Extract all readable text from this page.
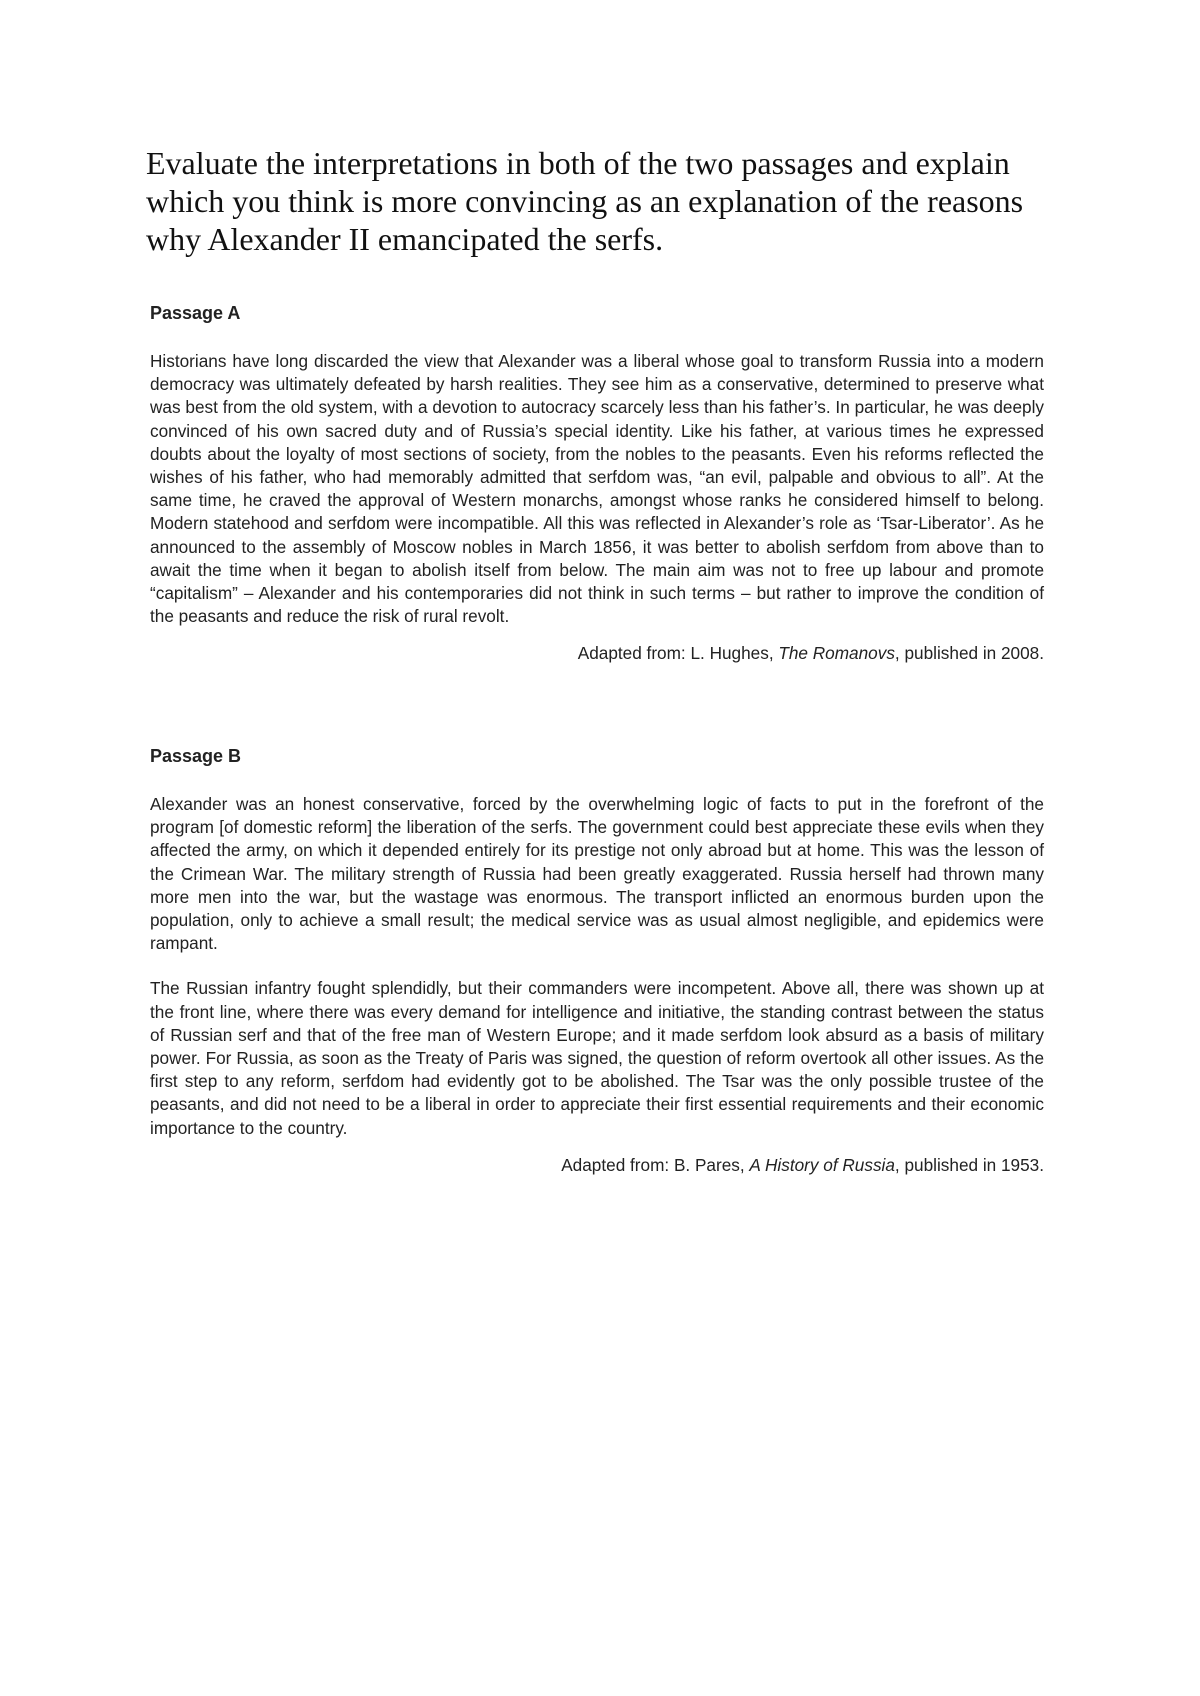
Evaluate the interpretations in both of the two passages and explain which you think is more convincing as an explanation of the reasons why Alexander II emancipated the serfs.

Passage A

Historians have long discarded the view that Alexander was a liberal whose goal to transform Russia into a modern democracy was ultimately defeated by harsh realities. They see him as a conservative, determined to preserve what was best from the old system, with a devotion to autocracy scarcely less than his father’s. In particular, he was deeply convinced of his own sacred duty and of Russia’s special identity. Like his father, at various times he expressed doubts about the loyalty of most sections of society, from the nobles to the peasants. Even his reforms reflected the wishes of his father, who had memorably admitted that serfdom was, “an evil, palpable and obvious to all”. At the same time, he craved the approval of Western monarchs, amongst whose ranks he considered himself to belong. Modern statehood and serfdom were incompatible. All this was reflected in Alexander’s role as ‘Tsar-Liberator’. As he announced to the assembly of Moscow nobles in March 1856, it was better to abolish serfdom from above than to await the time when it began to abolish itself from below. The main aim was not to free up labour and promote “capitalism” – Alexander and his contemporaries did not think in such terms – but rather to improve the condition of the peasants and reduce the risk of rural revolt.

Adapted from: L. Hughes, The Romanovs, published in 2008.

Passage B

Alexander was an honest conservative, forced by the overwhelming logic of facts to put in the forefront of the program [of domestic reform] the liberation of the serfs. The government could best appreciate these evils when they affected the army, on which it depended entirely for its prestige not only abroad but at home. This was the lesson of the Crimean War. The military strength of Russia had been greatly exaggerated. Russia herself had thrown many more men into the war, but the wastage was enormous. The transport inflicted an enormous burden upon the population, only to achieve a small result; the medical service was as usual almost negligible, and epidemics were rampant.

The Russian infantry fought splendidly, but their commanders were incompetent. Above all, there was shown up at the front line, where there was every demand for intelligence and initiative, the standing contrast between the status of Russian serf and that of the free man of Western Europe; and it made serfdom look absurd as a basis of military power. For Russia, as soon as the Treaty of Paris was signed, the question of reform overtook all other issues. As the first step to any reform, serfdom had evidently got to be abolished. The Tsar was the only possible trustee of the peasants, and did not need to be a liberal in order to appreciate their first essential requirements and their economic importance to the country.

Adapted from: B. Pares, A History of Russia, published in 1953.
